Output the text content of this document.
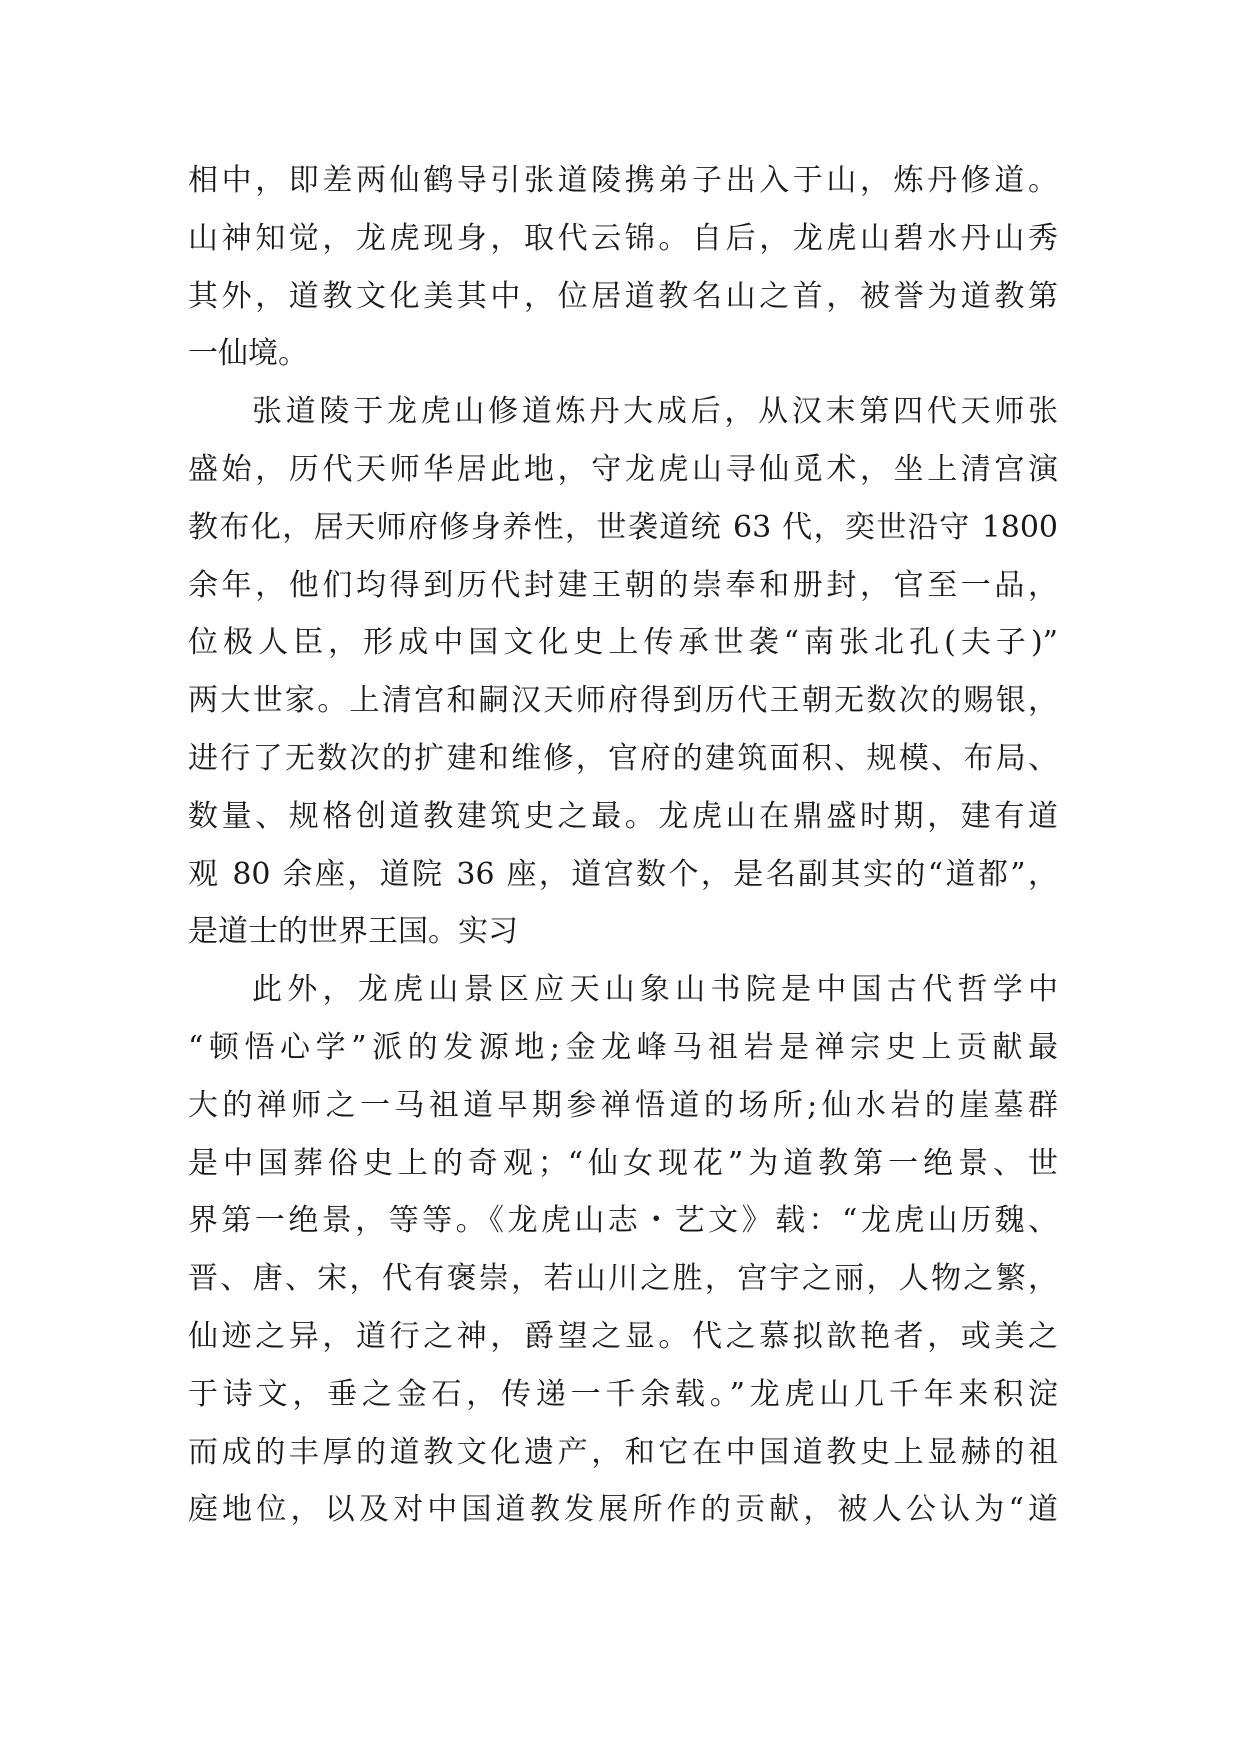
相中，即差两仙鹤导引张道陵携弟子出入于山，炼丹修道。
山神知觉，龙虎现身，取代云锦。自后，龙虎山碧水丹山秀
其外，道教文化美其中，位居道教名山之首，被誉为道教第
一仙境。
张道陵于龙虎山修道炼丹大成后，从汉末第四代天师张
盛始，历代天师华居此地，守龙虎山寻仙觅术，坐上清宫演
教布化，居天师府修身养性，世袭道统 63 代，奕世沿守 1800
余年，他们均得到历代封建王朝的崇奉和册封，官至一品，
位极人臣，形成中国文化史上传承世袭“南张北孔(夫子)”
两大世家。上清宫和嗣汉天师府得到历代王朝无数次的赐银，
进行了无数次的扩建和维修，官府的建筑面积、规模、布局、
数量、规格创道教建筑史之最。龙虎山在鼎盛时期，建有道
观 80 余座，道院 36 座，道宫数个，是名副其实的“道都”，
是道士的世界王国。实习
此外，龙虎山景区应天山象山书院是中国古代哲学中
“顿悟心学”派的发源地;金龙峰马祖岩是禅宗史上贡献最
大的禅师之一马祖道早期参禅悟道的场所;仙水岩的崖墓群
是中国葬俗史上的奇观；“仙女现花”为道教第一绝景、世
界第一绝景，等等。《龙虎山志・艺文》载：“龙虎山历魏、
晋、唐、宋，代有褒崇，若山川之胜，宫宇之丽，人物之繁，
仙迹之异，道行之神，爵望之显。代之慕拟歆艳者，或美之
于诗文，垂之金石，传递一千余载。”龙虎山几千年来积淀
而成的丰厚的道教文化遗产，和它在中国道教史上显赫的祖
庭地位，以及对中国道教发展所作的贡献，被人公认为“道
